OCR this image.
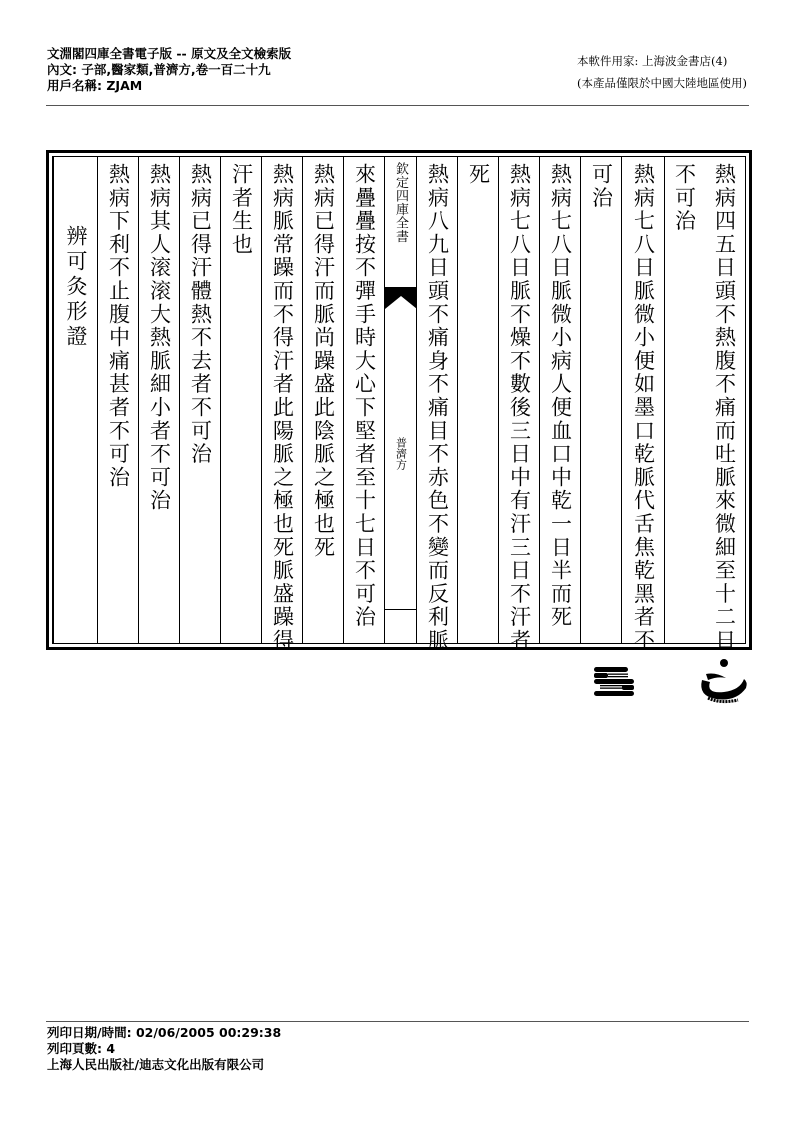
文淵閣四庫全書電子版 -- 原文及全文檢索版
內文: 子部,醫家類,普濟方,卷一百二十九
用戶名稱: ZJAM
本軟件用家: 上海波金書店(4)
(本產品僅限於中國大陸地區使用)
熱病四五日頭不熱腹不痛而吐脈來微細至十二日
不可治
熱病七八日脈微小便如墨口乾脈代舌焦乾黑者不
可治
熱病七八日脈微小病人便血口中乾一日半而死
熱病七八日脈不燥不數後三日中有汗三日不汗者
死
熱病八九日頭不痛身不痛目不赤色不變而反利脈
欽定四庫全書
普濟方
來疊疊按不彈手時大心下堅者至十七日不可治
熱病已得汗而脈尚躁盛此陰脈之極也死
熱病脈常躁而不得汗者此陽脈之極也死脈盛躁得
汗者生也
熱病已得汗體熱不去者不可治
熱病其人滚滚大熱脈細小者不可治
熱病下利不止腹中痛甚者不可治
辨可灸形證
列印日期/時間: 02/06/2005 00:29:38
列印頁數: 4
上海人民出版社/迪志文化出版有限公司
